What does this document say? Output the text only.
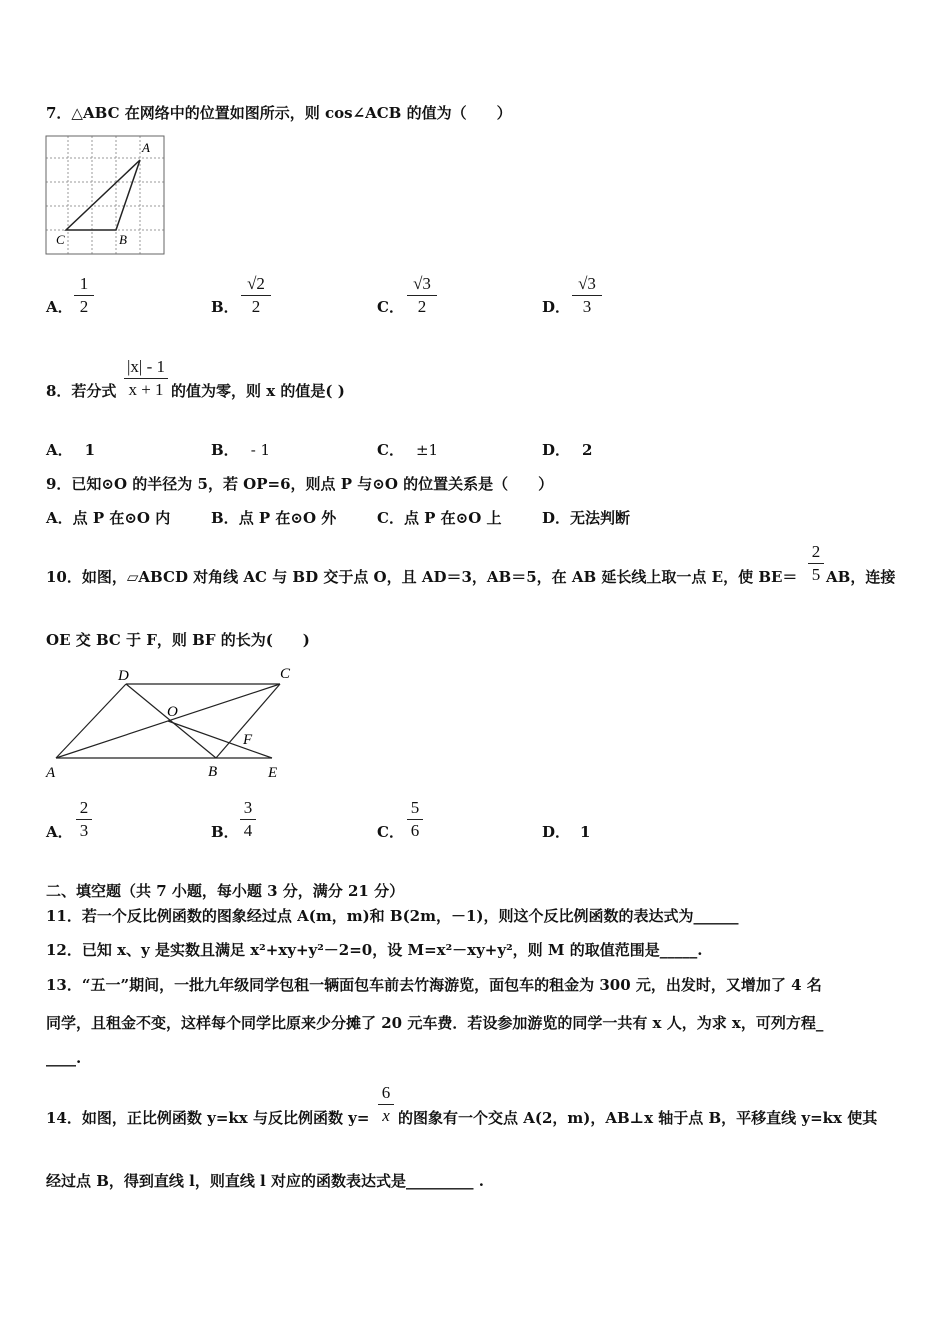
7．△ABC 在网络中的位置如图所示，则 cos∠ACB 的值为（　　）
A
C	B
A．
1
2	B．
√2
2	C．
√3
2	D．
√3
3
8．若分式
|x| - 1
x + 1 的值为零，则 x 的值是( )
A． 1	B． - 1	C． ±1	D． 2
9．已知⊙O 的半径为 5，若 OP=6，则点 P 与⊙O 的位置关系是（　　）
A．点 P 在⊙O 内	B．点 P 在⊙O 外	C．点 P 在⊙O 上	D．无法判断
10．如图，▱ABCD 对角线 AC 与 BD 交于点 O，且 AD＝3，AB＝5，在 AB 延长线上取一点 E，使 BE＝
2
5 AB，连接
OE 交 BC 于 F，则 BF 的长为(　　)
D	C
O
F
A	B	E
A．
2
3	B．
3
4	C．
5
6	D． 1
二、填空题（共 7 小题，每小题 3 分，满分 21 分）
11．若一个反比例函数的图象经过点 A(m，m)和 B(2m，－1)，则这个反比例函数的表达式为______
12．已知 x、y 是实数且满足 x²+xy+y²－2=0，设 M=x²－xy+y²，则 M 的取值范围是_____.
13．“五一”期间，一批九年级同学包租一辆面包车前去竹海游览，面包车的租金为 300 元，出发时，又增加了 4 名
同学，且租金不变，这样每个同学比原来少分摊了 20 元车费．若设参加游览的同学一共有 x 人，为求 x，可列方程_
____.
14．如图，正比例函数 y=kx 与反比例函数 y=
6
x 的图象有一个交点 A(2，m)，AB⊥x 轴于点 B，平移直线 y=kx 使其
经过点 B，得到直线 l，则直线 l 对应的函数表达式是_________ .
